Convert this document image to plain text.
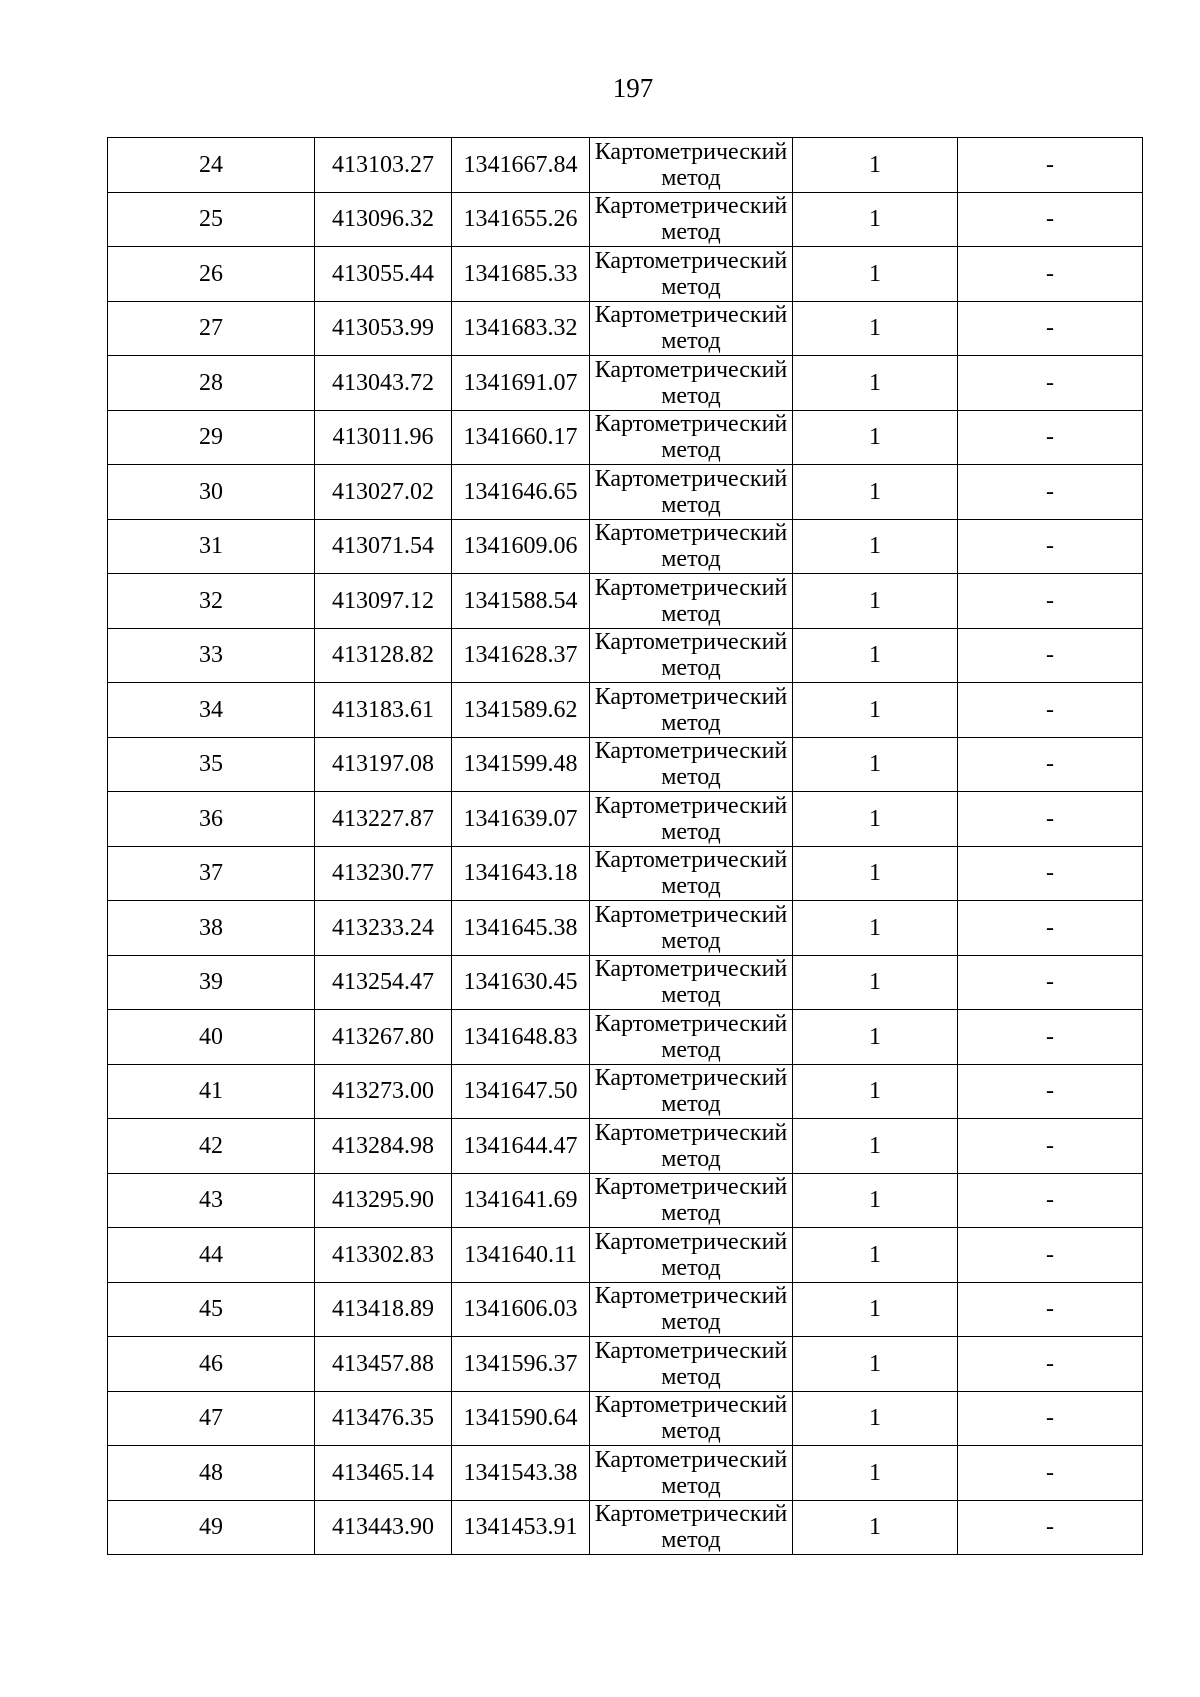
197
24	413103.27	1341667.84	Картометрический
метод	1	-
25	413096.32	1341655.26	Картометрический
метод	1	-
26	413055.44	1341685.33	Картометрический
метод	1	-
27	413053.99	1341683.32	Картометрический
метод	1	-
28	413043.72	1341691.07	Картометрический
метод	1	-
29	413011.96	1341660.17	Картометрический
метод	1	-
30	413027.02	1341646.65	Картометрический
метод	1	-
31	413071.54	1341609.06	Картометрический
метод	1	-
32	413097.12	1341588.54	Картометрический
метод	1	-
33	413128.82	1341628.37	Картометрический
метод	1	-
34	413183.61	1341589.62	Картометрический
метод	1	-
35	413197.08	1341599.48	Картометрический
метод	1	-
36	413227.87	1341639.07	Картометрический
метод	1	-
37	413230.77	1341643.18	Картометрический
метод	1	-
38	413233.24	1341645.38	Картометрический
метод	1	-
39	413254.47	1341630.45	Картометрический
метод	1	-
40	413267.80	1341648.83	Картометрический
метод	1	-
41	413273.00	1341647.50	Картометрический
метод	1	-
42	413284.98	1341644.47	Картометрический
метод	1	-
43	413295.90	1341641.69	Картометрический
метод	1	-
44	413302.83	1341640.11	Картометрический
метод	1	-
45	413418.89	1341606.03	Картометрический
метод	1	-
46	413457.88	1341596.37	Картометрический
метод	1	-
47	413476.35	1341590.64	Картометрический
метод	1	-
48	413465.14	1341543.38	Картометрический
метод	1	-
49	413443.90	1341453.91	Картометрический
метод	1	-
